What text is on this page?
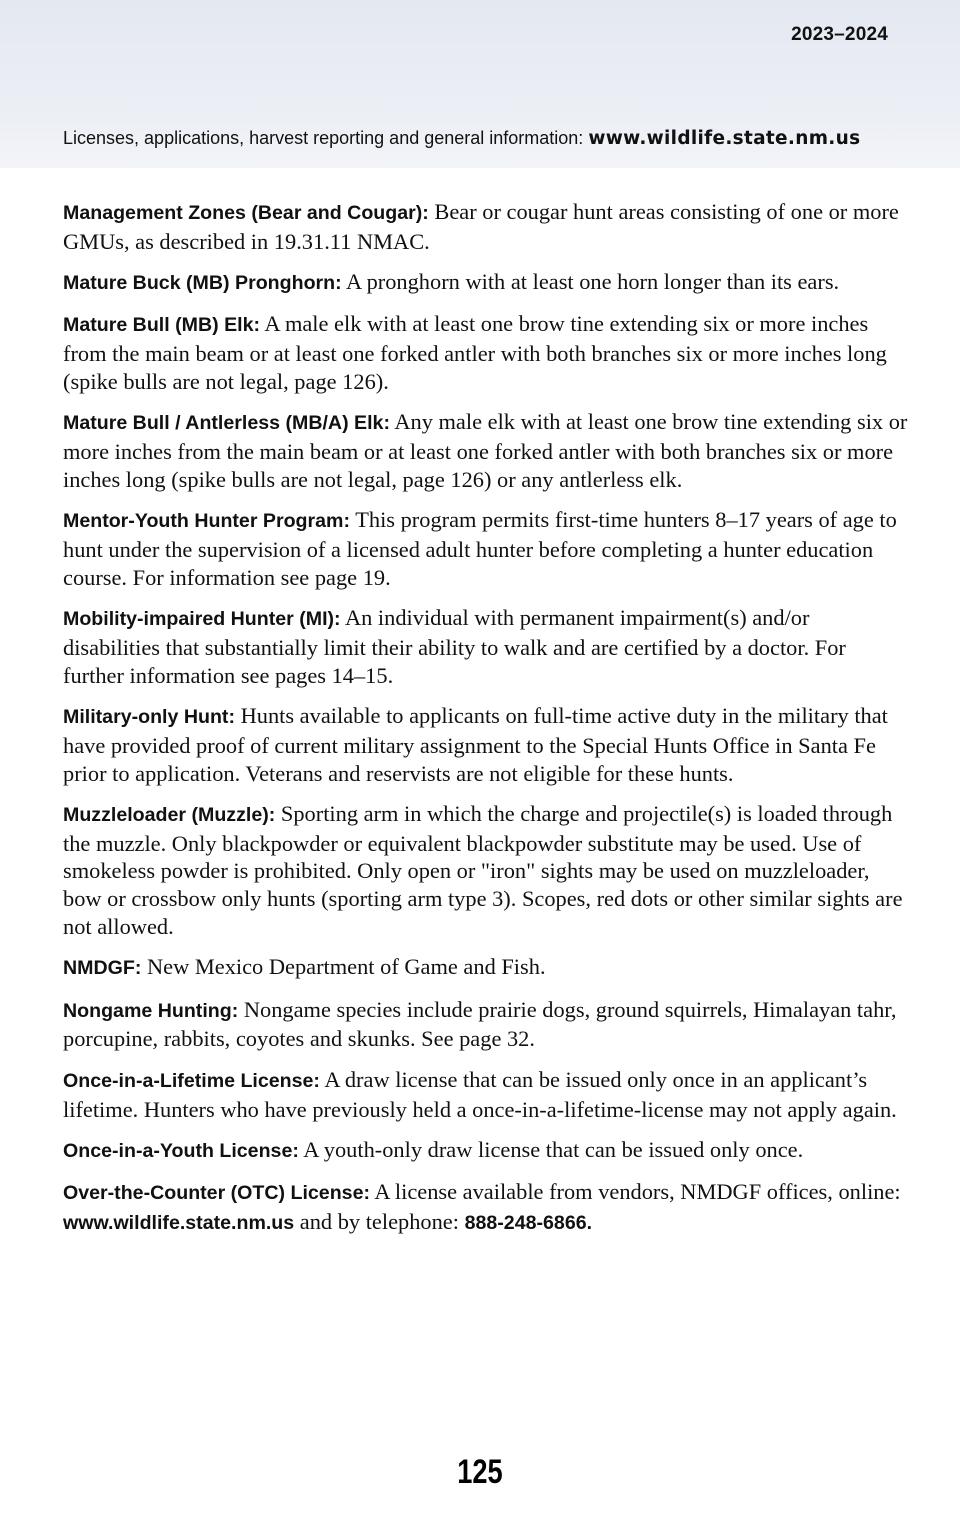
2023–2024
Licenses, applications, harvest reporting and general information: www.wildlife.state.nm.us

Management Zones (Bear and Cougar): Bear or cougar hunt areas consisting of one or more GMUs, as described in 19.31.11 NMAC.

Mature Buck (MB) Pronghorn: A pronghorn with at least one horn longer than its ears.

Mature Bull (MB) Elk: A male elk with at least one brow tine extending six or more inches from the main beam or at least one forked antler with both branches six or more inches long (spike bulls are not legal, page 126).

Mature Bull / Antlerless (MB/A) Elk: Any male elk with at least one brow tine extending six or more inches from the main beam or at least one forked antler with both branches six or more inches long (spike bulls are not legal, page 126) or any antlerless elk.

Mentor-Youth Hunter Program: This program permits first-time hunters 8–17 years of age to hunt under the supervision of a licensed adult hunter before completing a hunter education course. For information see page 19.

Mobility-impaired Hunter (MI): An individual with permanent impairment(s) and/or disabilities that substantially limit their ability to walk and are certified by a doctor. For further information see pages 14–15.

Military-only Hunt: Hunts available to applicants on full-time active duty in the military that have provided proof of current military assignment to the Special Hunts Office in Santa Fe prior to application. Veterans and reservists are not eligible for these hunts.

Muzzleloader (Muzzle): Sporting arm in which the charge and projectile(s) is loaded through the muzzle. Only blackpowder or equivalent blackpowder substitute may be used. Use of smokeless powder is prohibited. Only open or "iron" sights may be used on muzzleloader, bow or crossbow only hunts (sporting arm type 3). Scopes, red dots or other similar sights are not allowed.

NMDGF: New Mexico Department of Game and Fish.

Nongame Hunting: Nongame species include prairie dogs, ground squirrels, Himalayan tahr, porcupine, rabbits, coyotes and skunks. See page 32.

Once-in-a-Lifetime License: A draw license that can be issued only once in an applicant’s lifetime. Hunters who have previously held a once-in-a-lifetime-license may not apply again.

Once-in-a-Youth License: A youth-only draw license that can be issued only once.

Over-the-Counter (OTC) License: A license available from vendors, NMDGF offices, online: www.wildlife.state.nm.us and by telephone: 888-248-6866.

125
